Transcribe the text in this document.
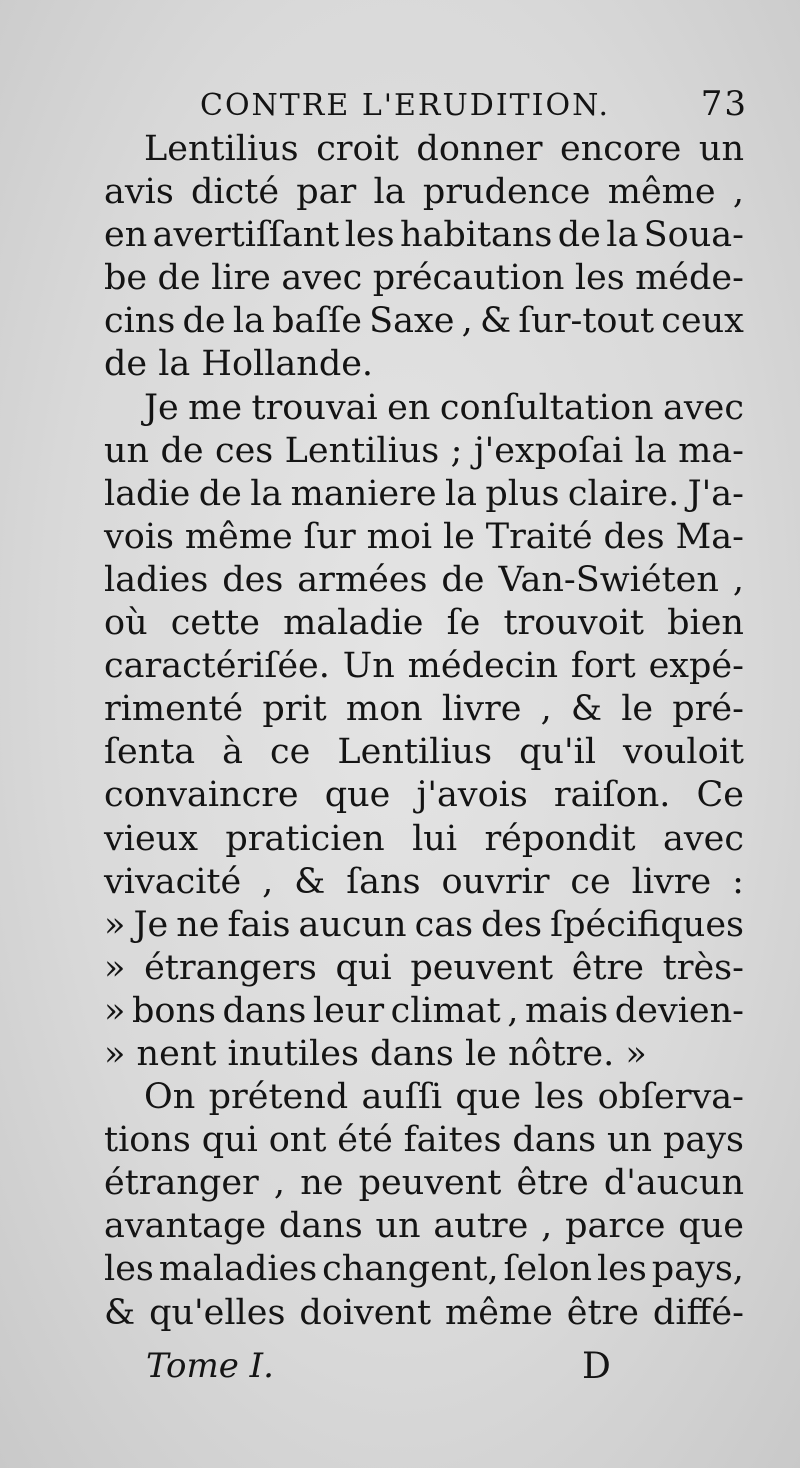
CONTRE L'ERUDITION.	73
Lentilius croit donner encore un
avis dicté par la prudence même ,
en avertiſſant les habitans de la Soua-
be de lire avec précaution les méde-
cins de la baſſe Saxe , & ſur-tout ceux
de la Hollande.
Je me trouvai en conſultation avec
un de ces Lentilius ; j'expoſai la ma-
ladie de la maniere la plus claire. J'a-
vois même ſur moi le Traité des Ma-
ladies des armées de Van-Swiéten ,
où cette maladie ſe trouvoit bien
caractériſée. Un médecin fort expé-
rimenté prit mon livre , & le pré-
ſenta à ce Lentilius qu'il vouloit
convaincre que j'avois raiſon. Ce
vieux praticien lui répondit avec
vivacité , & ſans ouvrir ce livre :
» Je ne fais aucun cas des ſpécifiques
» étrangers qui peuvent être très-
» bons dans leur climat , mais devien-
» nent inutiles dans le nôtre. »
On prétend auſſi que les obſerva-
tions qui ont été faites dans un pays
étranger , ne peuvent être d'aucun
avantage dans un autre , parce que
les maladies changent, ſelon les pays,
& qu'elles doivent même être diffé-
Tome I.	D
